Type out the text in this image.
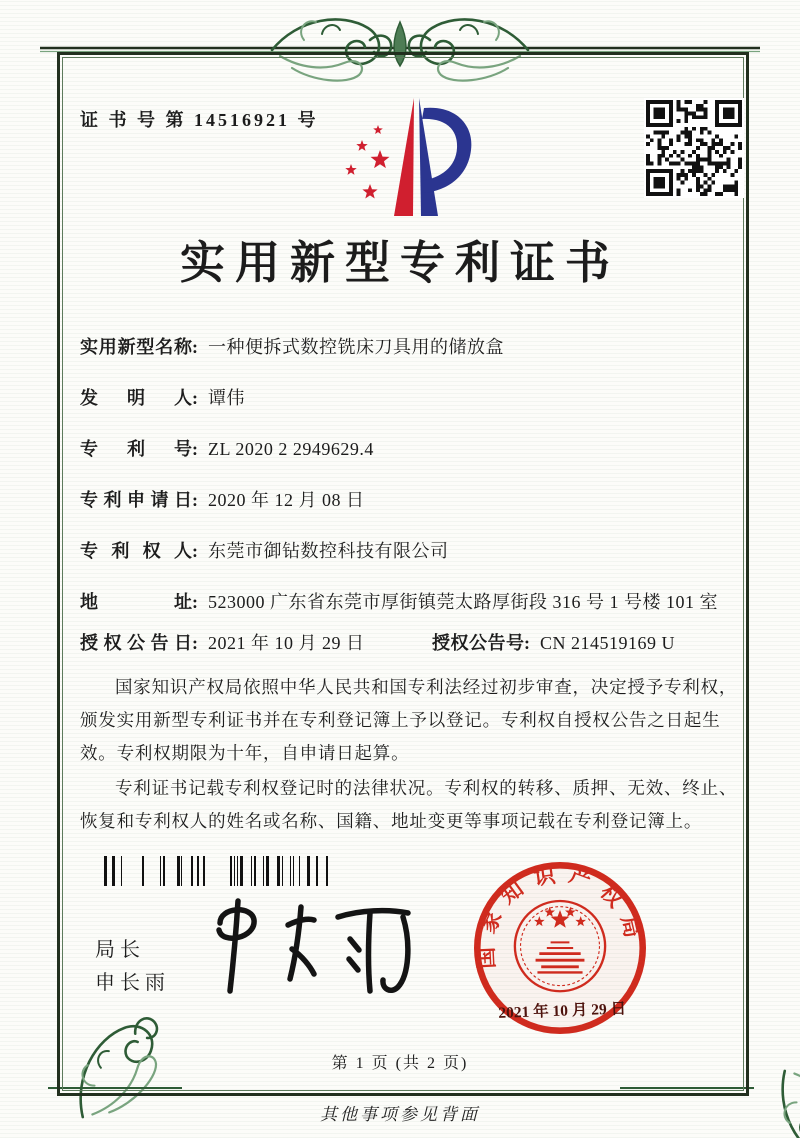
证 书 号 第 14516921 号
实用新型专利证书
实用新型名称 : 一种便拆式数控铣床刀具用的储放盒
发明人 : 谭伟
专利号 : ZL 2020 2 2949629.4
专利申请日 : 2020 年 12 月 08 日
专利权人 : 东莞市御钻数控科技有限公司
地址 : 523000 广东省东莞市厚街镇莞太路厚街段 316 号 1 号楼 101 室
授权公告日 : 2021 年 10 月 29 日	授权公告号 : CN 214519169 U

国家知识产权局依照中华人民共和国专利法经过初步审查，决定授予专利权，颁发实用新型专利证书并在专利登记簿上予以登记。专利权自授权公告之日起生效。专利权期限为十年，自申请日起算。

专利证书记载专利权登记时的法律状况。专利权的转移、质押、无效、终止、恢复和专利权人的姓名或名称、国籍、地址变更等事项记载在专利登记簿上。

局长
申长雨
国家知识产权局
2021 年 10 月 29 日
第 1 页 (共 2 页)
其他事项参见背面
